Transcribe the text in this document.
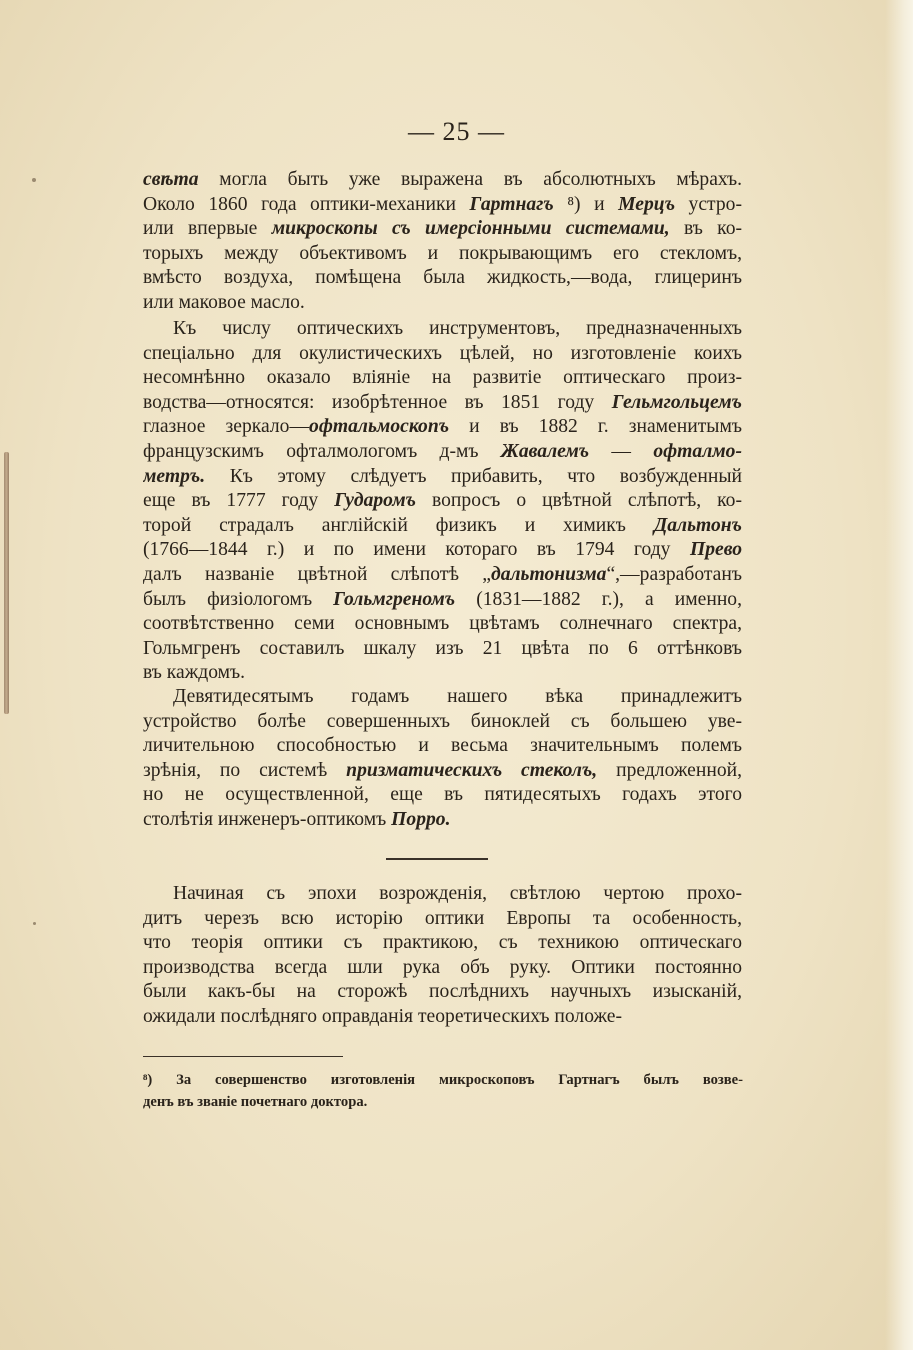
— 25 —
свѣта могла быть уже выражена въ абсолютныхъ мѣрахъ.
Около 1860 года оптики-механики Гартнагъ ⁸) и Мерцъ устро-
или впервые микроскопы съ имерсіонными системами, въ ко-
торыхъ между объективомъ и покрывающимъ его стекломъ,
вмѣсто воздуха, помѣщена была жидкость,—вода, глицеринъ
или маковое масло.
Къ числу оптическихъ инструментовъ, предназначенныхъ
спеціально для окулистическихъ цѣлей, но изготовленіе коихъ
несомнѣнно оказало вліяніе на развитіе оптическаго произ-
водства—относятся: изобрѣтенное въ 1851 году Гельмгольцемъ
глазное зеркало—офтальмоскопъ и въ 1882 г. знаменитымъ
французскимъ офталмологомъ д-мъ Жавалемъ — офталмо-
метръ. Къ этому слѣдуетъ прибавить, что возбужденный
еще въ 1777 году Гударомъ вопросъ о цвѣтной слѣпотѣ, ко-
торой страдалъ англійскій физикъ и химикъ Дальтонъ
(1766—1844 г.) и по имени котораго въ 1794 году Прево
далъ названіе цвѣтной слѣпотѣ „дальтонизма“,—разработанъ
былъ физіологомъ Гольмгреномъ (1831—1882 г.), а именно,
соотвѣтственно семи основнымъ цвѣтамъ солнечнаго спектра,
Гольмгренъ составилъ шкалу изъ 21 цвѣта по 6 оттѣнковъ
въ каждомъ.
Девятидесятымъ годамъ нашего вѣка принадлежитъ
устройство болѣе совершенныхъ биноклей съ большею уве-
личительною способностью и весьма значительнымъ полемъ
зрѣнія, по системѣ призматическихъ стеколъ, предложенной,
но не осуществленной, еще въ пятидесятыхъ годахъ этого
столѣтія инженеръ-оптикомъ Порро.
Начиная съ эпохи возрожденія, свѣтлою чертою прохо-
дитъ черезъ всю исторію оптики Европы та особенность,
что теорія оптики съ практикою, съ техникою оптическаго
производства всегда шли рука объ руку. Оптики постоянно
были какъ-бы на сторожѣ послѣднихъ научныхъ изысканій,
ожидали послѣдняго оправданія теоретическихъ положе-
⁸) За совершенство изготовленія микроскоповъ Гартнагъ былъ возве-
денъ въ званіе почетнаго доктора.
